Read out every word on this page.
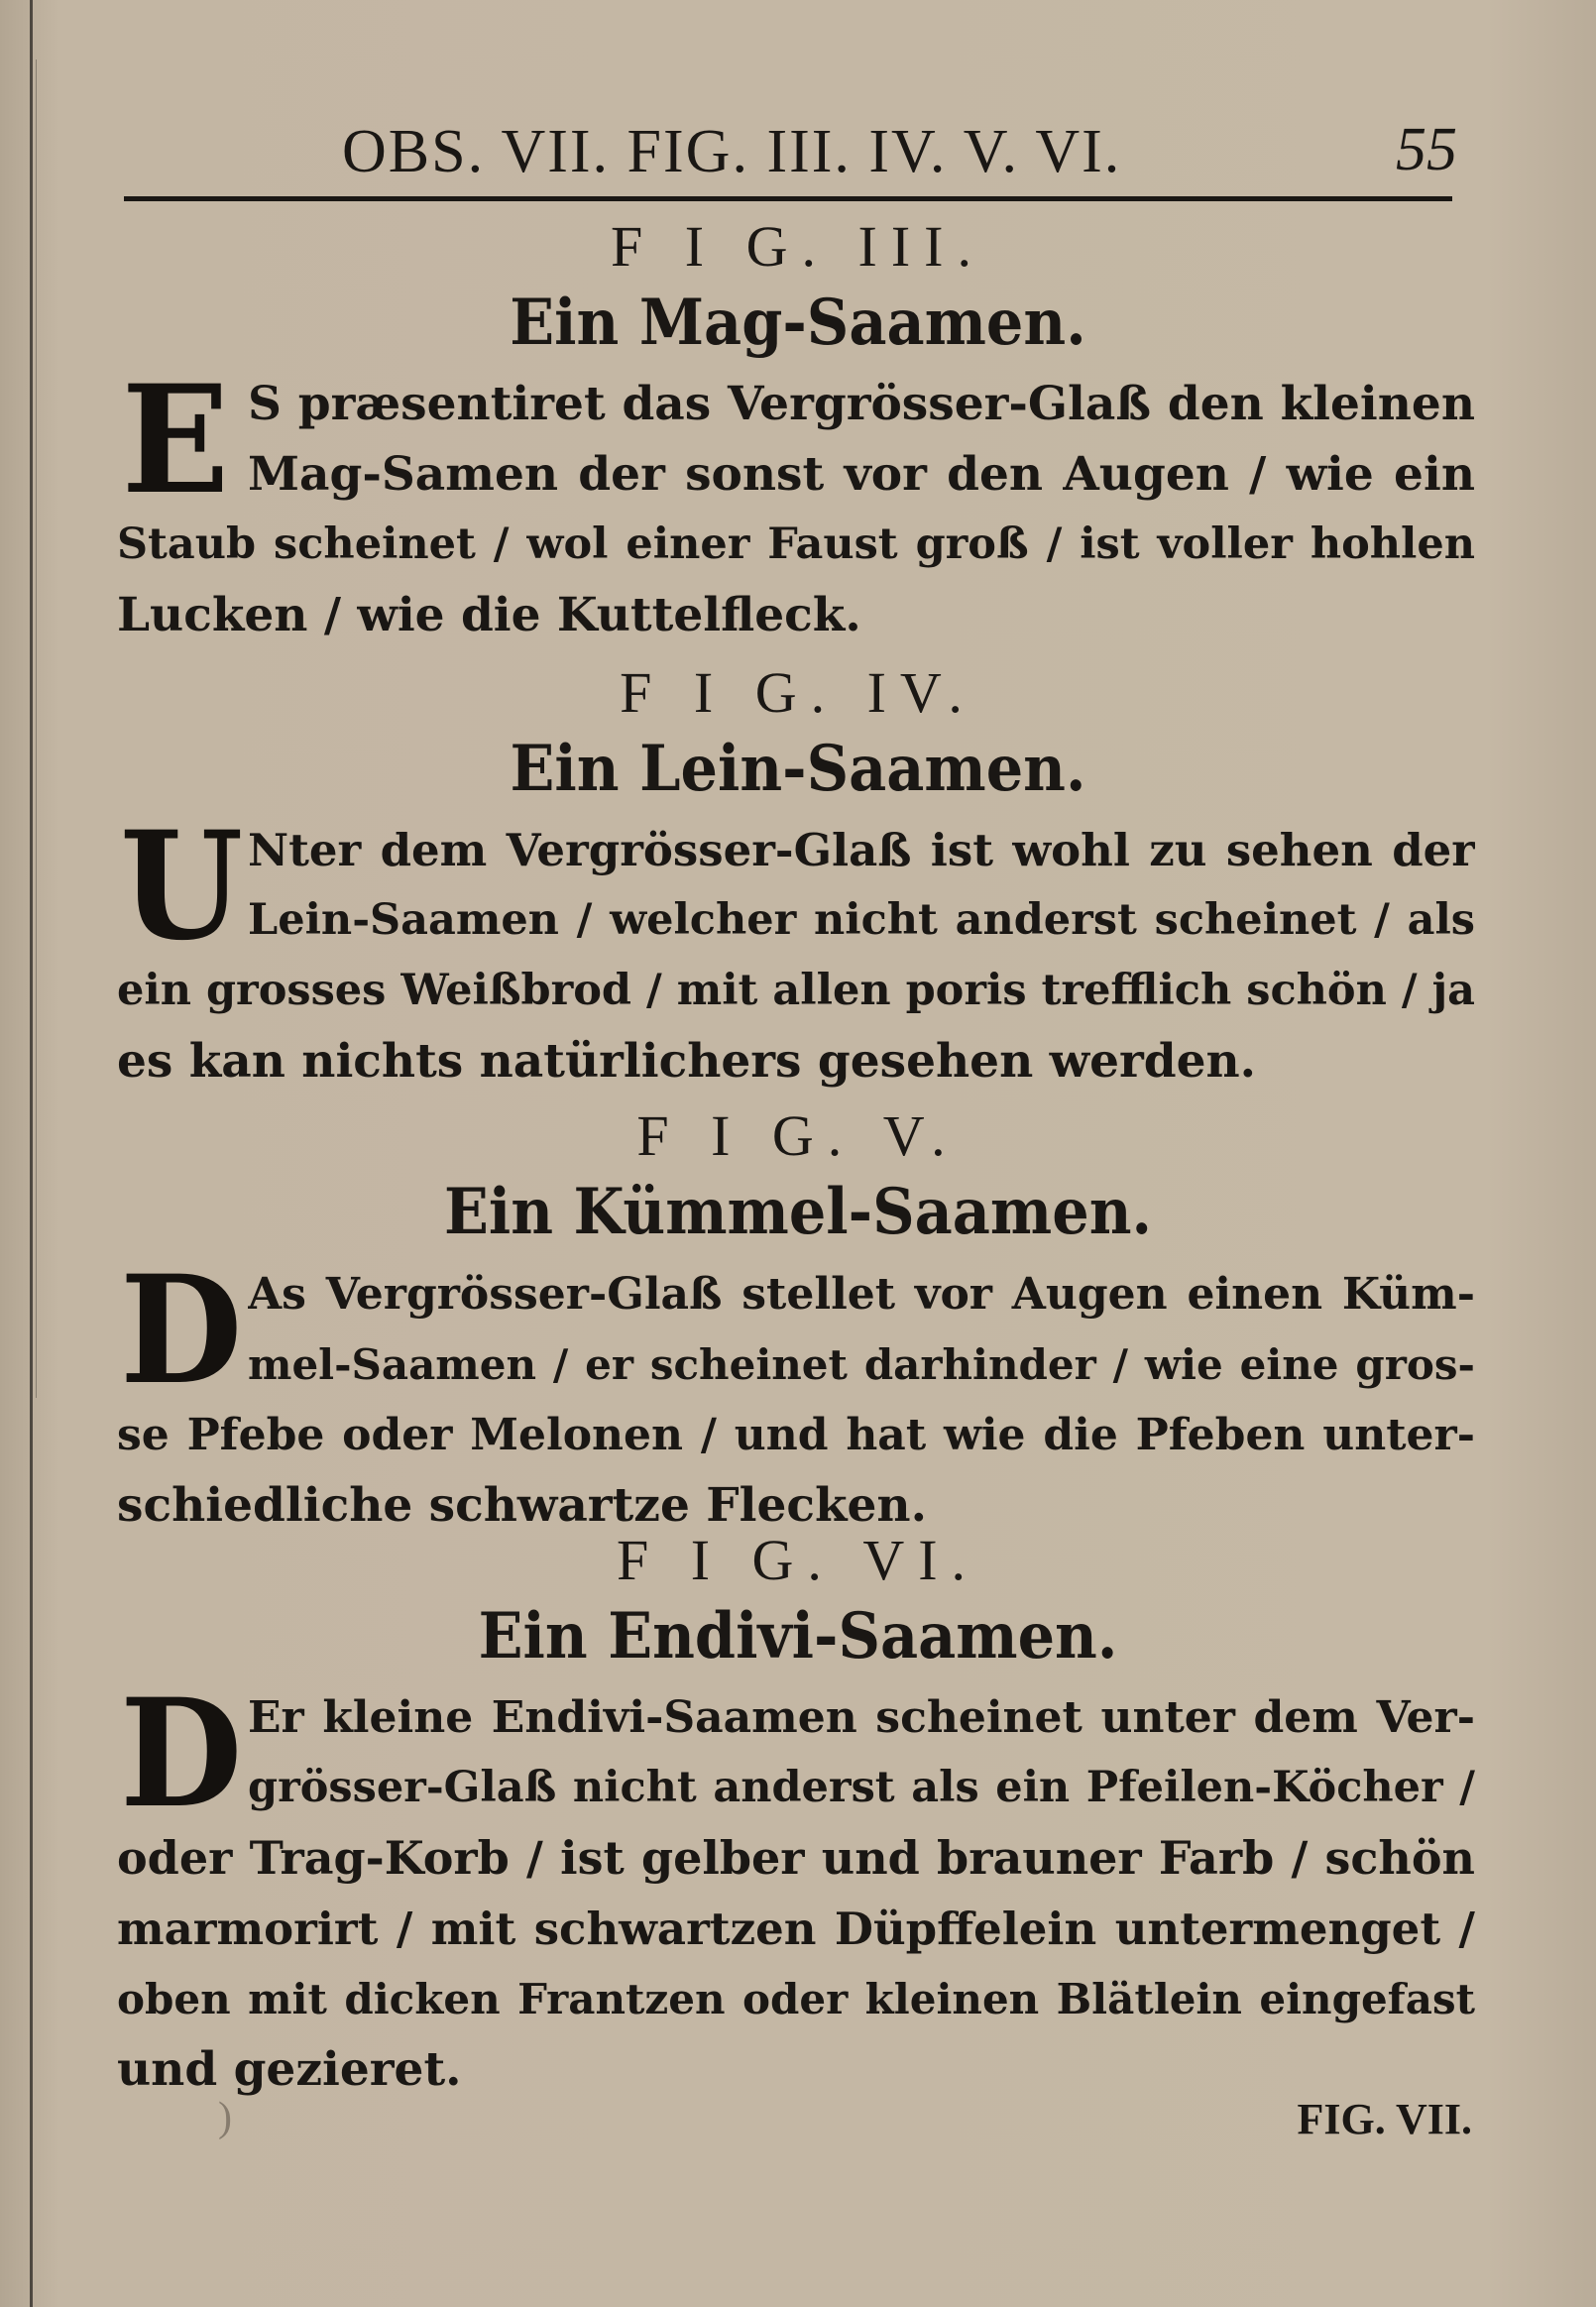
OBS. VII. FIG. III. IV. V. VI.	55
F I G. III.
Ein Mag-Saamen.
E S præsentiret das Vergrösser-Glaß den kleinen
Mag-Samen der sonst vor den Augen / wie ein
Staub scheinet / wol einer Faust groß / ist voller hohlen
Lucken / wie die Kuttelfleck.
F I G. IV.
Ein Lein-Saamen.
U Nter dem Vergrösser-Glaß ist wohl zu sehen der
Lein-Saamen / welcher nicht anderst scheinet / als
ein grosses Weißbrod / mit allen poris trefflich schön / ja
es kan nichts natürlichers gesehen werden.
F I G. V.
Ein Kümmel-Saamen.
D As Vergrösser-Glaß stellet vor Augen einen Küm-
mel-Saamen / er scheinet darhinder / wie eine gros-
se Pfebe oder Melonen / und hat wie die Pfeben unter-
schiedliche schwartze Flecken.
F I G. VI.
Ein Endivi-Saamen.
D Er kleine Endivi-Saamen scheinet unter dem Ver-
grösser-Glaß nicht anderst als ein Pfeilen-Köcher /
oder Trag-Korb / ist gelber und brauner Farb / schön
marmorirt / mit schwartzen Düpffelein untermenget /
oben mit dicken Frantzen oder kleinen Blätlein eingefast
und gezieret.
)	FIG. VII.
